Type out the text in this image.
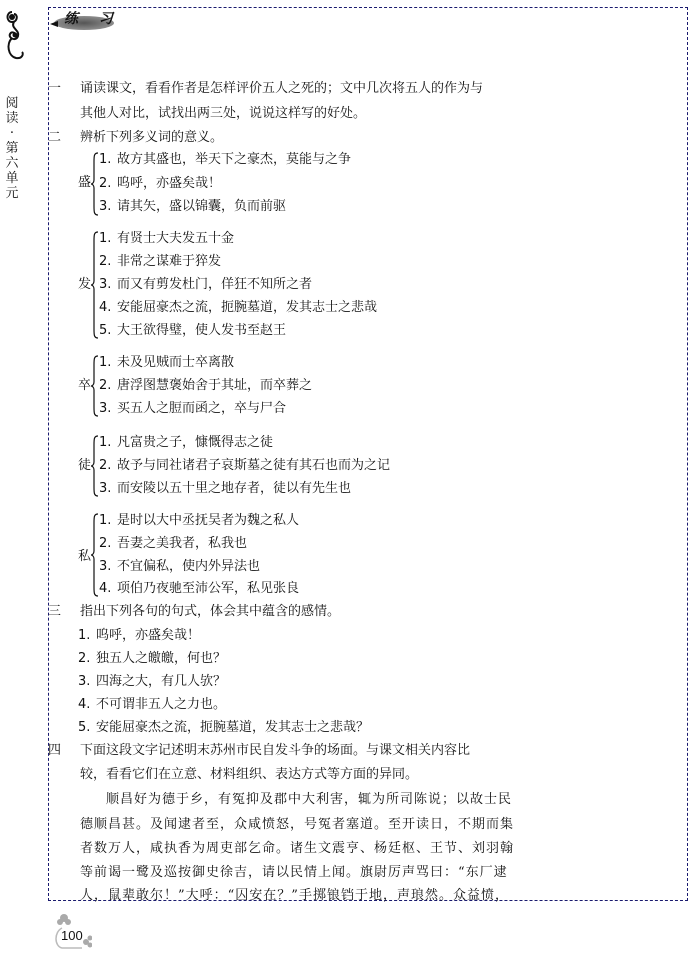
阅
读
·
第
六
单
元
练 习
一 诵读课文，看看作者是怎样评价五人之死的；文中几次将五人的作为与
其他人对比，试找出两三处，说说这样写的好处。
二 辨析下列多义词的意义。
盛
1. 故方其盛也，举天下之豪杰，莫能与之争
2. 呜呼，亦盛矣哉！
3. 请其矢，盛以锦囊，负而前驱
发
1. 有贤士大夫发五十金
2. 非常之谋难于猝发
3. 而又有剪发杜门，佯狂不知所之者
4. 安能屈豪杰之流，扼腕墓道，发其志士之悲哉
5. 大王欲得璧，使人发书至赵王
卒
1. 未及见贼而士卒离散
2. 唐浮图慧褒始舍于其址，而卒葬之
3. 买五人之脰而函之，卒与尸合
徒
1. 凡富贵之子，慷慨得志之徒
2. 故予与同社诸君子哀斯墓之徒有其石也而为之记
3. 而安陵以五十里之地存者，徒以有先生也
私
1. 是时以大中丞抚吴者为魏之私人
2. 吾妻之美我者，私我也
3. 不宜偏私，使内外异法也
4. 项伯乃夜驰至沛公军，私见张良
三 指出下列各句的句式，体会其中蕴含的感情。
1. 呜呼，亦盛矣哉！
2. 独五人之皦皦，何也？
3. 四海之大，有几人欤？
4. 不可谓非五人之力也。
5. 安能屈豪杰之流，扼腕墓道，发其志士之悲哉？
四 下面这段文字记述明末苏州市民自发斗争的场面。与课文相关内容比
较，看看它们在立意、材料组织、表达方式等方面的异同。
顺昌好为德于乡，有冤抑及郡中大利害，辄为所司陈说；以故士民
德顺昌甚。及闻逮者至，众咸愤怒，号冤者塞道。至开读日，不期而集
者数万人，咸执香为周吏部乞命。诸生文震亨、杨廷枢、王节、刘羽翰
等前谒一鹭及巡按御史徐吉，请以民情上闻。旗尉厉声骂曰：“东厂逮
人，鼠辈敢尔！”大呼：“囚安在？”手掷锒铛于地，声琅然。众益愤，
100
